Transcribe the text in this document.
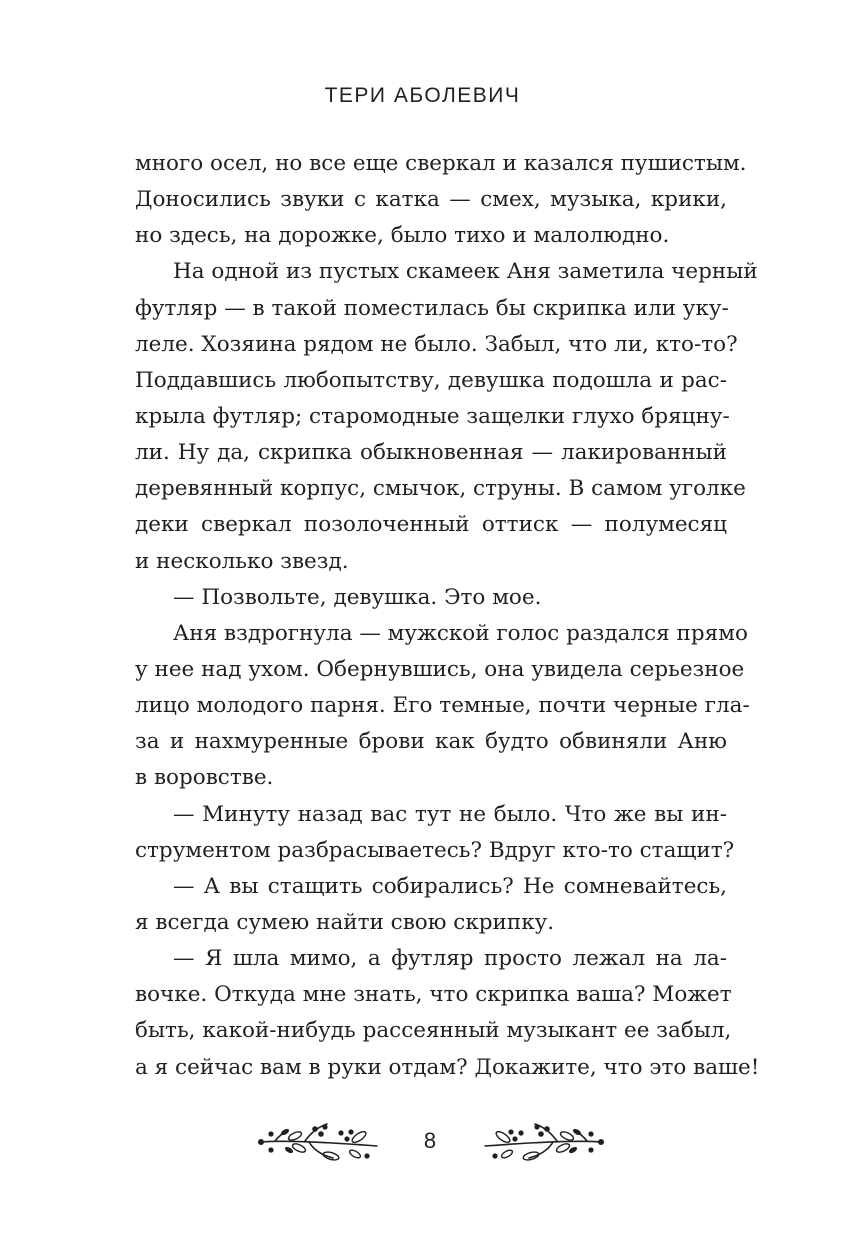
ТЕРИ АБОЛЕВИЧ
много осел, но все еще сверкал и казался пушистым.
Доносились звуки с катка — смех, музыка, крики,
но здесь, на дорожке, было тихо и малолюдно.
На одной из пустых скамеек Аня заметила черный
футляр — в такой поместилась бы скрипка или уку-
леле. Хозяина рядом не было. Забыл, что ли, кто-то?
Поддавшись любопытству, девушка подошла и рас-
крыла футляр; старомодные защелки глухо бряцну-
ли. Ну да, скрипка обыкновенная — лакированный
деревянный корпус, смычок, струны. В самом уголке
деки сверкал позолоченный оттиск — полумесяц
и несколько звезд.
— Позвольте, девушка. Это мое.
Аня вздрогнула — мужской голос раздался прямо
у нее над ухом. Обернувшись, она увидела серьезное
лицо молодого парня. Его темные, почти черные гла-
за и нахмуренные брови как будто обвиняли Аню
в воровстве.
— Минуту назад вас тут не было. Что же вы ин-
струментом разбрасываетесь? Вдруг кто-то стащит?
— А вы стащить собирались? Не сомневайтесь,
я всегда сумею найти свою скрипку.
— Я шла мимо, а футляр просто лежал на ла-
вочке. Откуда мне знать, что скрипка ваша? Может
быть, какой-нибудь рассеянный музыкант ее забыл,
а я сейчас вам в руки отдам? Докажите, что это ваше!
8
